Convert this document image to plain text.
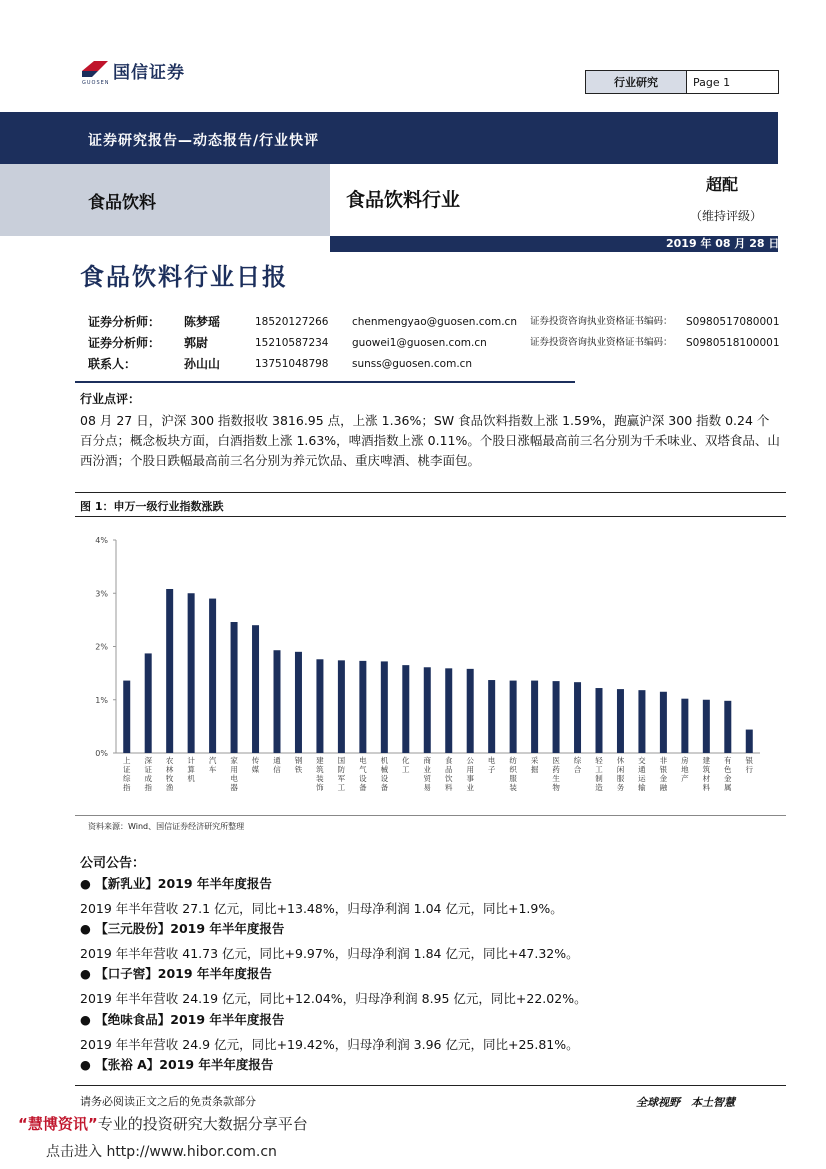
国信证券
GUOSEN	行业研究	Page 1
证券研究报告—动态报告/行业快评
食品饮料	食品饮料行业
超配
（维持评级）
2019 年 08 月 28 日
食品饮料行业日报
证券分析师： 陈梦瑶	18520127266 chenmengyao@guosen.com.cn 证券投资咨询执业资格证书编码： S0980517080001
证券分析师： 郭尉	15210587234 guowei1@guosen.com.cn	证券投资咨询执业资格证书编码： S0980518100001
联系人：	孙山山	13751048798 sunss@guosen.com.cn
行业点评：
08 月 27 日，沪深 300 指数报收 3816.95 点，上涨 1.36%；SW 食品饮料指数上涨 1.59%，跑赢沪深 300 指数 0.24 个百分点；概念板块方面，白酒指数上涨 1.63%，啤酒指数上涨 0.11%。个股日涨幅最高前三名分别为千禾味业、双塔食品、山西汾酒；个股日跌幅最高前三名分别为养元饮品、重庆啤酒、桃李面包。
图 1：申万一级行业指数涨跌
0%
1%
2%
3%
4%
上证综指
深证成指
农林牧渔
计算机
汽车
家用电器
传媒
通信
钢铁
建筑装饰
国防军工
电气设备
机械设备
化工
商业贸易
食品饮料
公用事业
电子
纺织服装
采掘
医药生物
综合
轻工制造
休闲服务
交通运输
非银金融
房地产
建筑材料
有色金属
银行
资料来源：Wind、国信证券经济研究所整理
公司公告：
● 【新乳业】2019 年半年度报告
2019 年半年营收 27.1 亿元，同比+13.48%，归母净利润 1.04 亿元，同比+1.9%。
● 【三元股份】2019 年半年度报告
2019 年半年营收 41.73 亿元，同比+9.97%，归母净利润 1.84 亿元，同比+47.32%。
● 【口子窖】2019 年半年度报告
2019 年半年营收 24.19 亿元，同比+12.04%，归母净利润 8.95 亿元，同比+22.02%。
● 【绝味食品】2019 年半年度报告
2019 年半年营收 24.9 亿元，同比+19.42%，归母净利润 3.96 亿元，同比+25.81%。
● 【张裕 A】2019 年半年度报告
请务必阅读正文之后的免责条款部分	全球视野　本土智慧
“慧博资讯”专业的投资研究大数据分享平台
点击进入 http://www.hibor.com.cn
